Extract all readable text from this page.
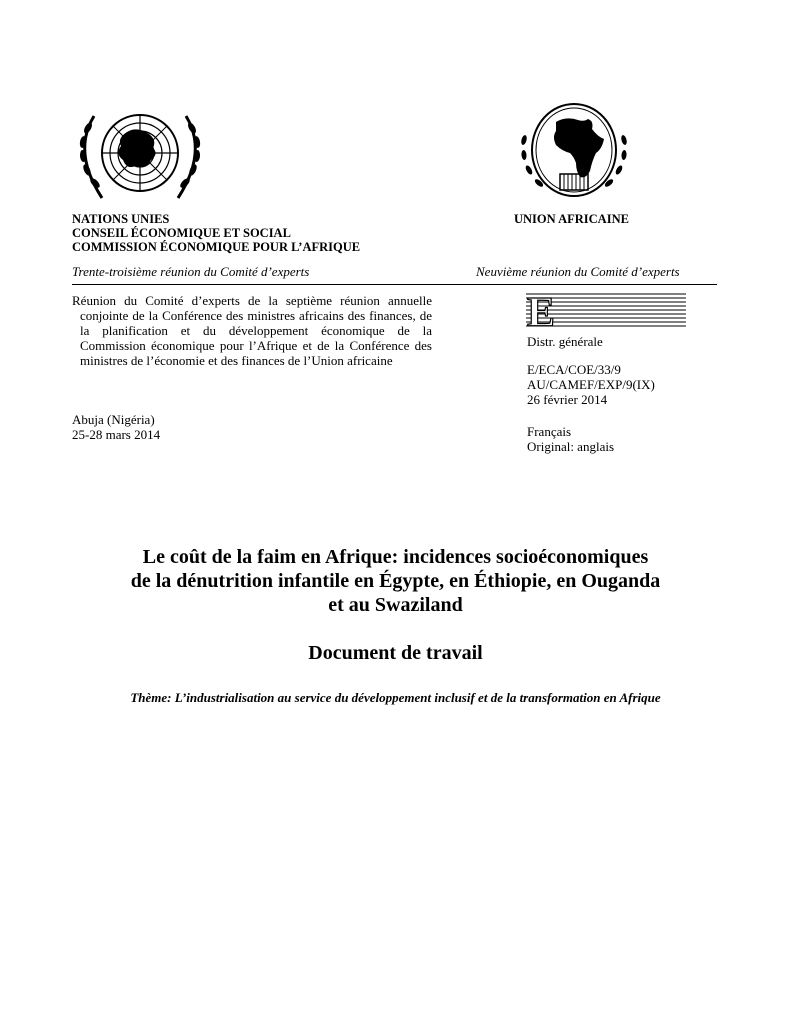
NATIONS UNIES
CONSEIL ÉCONOMIQUE ET SOCIAL
COMMISSION ÉCONOMIQUE POUR L’AFRIQUE
UNION AFRICAINE
Trente-troisième réunion du Comité d’experts	Neuvième réunion du Comité d’experts
Réunion du Comité d’experts de la septième réunion annuelle conjointe de la Conférence des ministres africains des finances, de la planification et du développement économique de la Commission économique pour l’Afrique et de la Conférence des ministres de l’économie et des finances de l’Union africaine
E
Distr. générale
E/ECA/COE/33/9
AU/CAMEF/EXP/9(IX)
26 février 2014
Français
Original: anglais
Abuja (Nigéria)
25-28 mars 2014
Le coût de la faim en Afrique: incidences socioéconomiques
de la dénutrition infantile en Égypte, en Éthiopie, en Ouganda
et au Swaziland
Document de travail
Thème: L’industrialisation au service du développement inclusif et de la transformation en Afrique
